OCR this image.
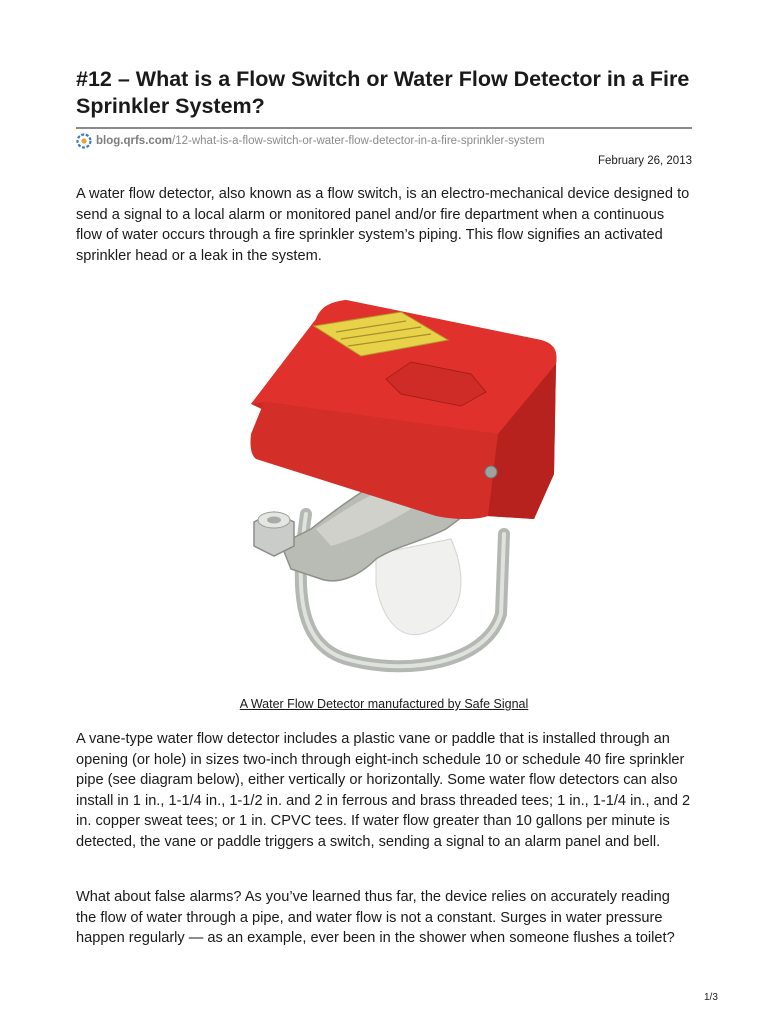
#12 – What is a Flow Switch or Water Flow Detector in a Fire Sprinkler System?
blog.qrfs.com /12-what-is-a-flow-switch-or-water-flow-detector-in-a-fire-sprinkler-system
February 26, 2013

A water flow detector, also known as a flow switch, is an electro-mechanical device designed to send a signal to a local alarm or monitored panel and/or fire department when a continuous flow of water occurs through a fire sprinkler system’s piping. This flow signifies an activated sprinkler head or a leak in the system.

A Water Flow Detector manufactured by Safe Signal

A vane-type water flow detector includes a plastic vane or paddle that is installed through an opening (or hole) in sizes two-inch through eight-inch schedule 10 or schedule 40 fire sprinkler pipe (see diagram below), either vertically or horizontally. Some water flow detectors can also install in 1 in., 1-1/4 in., 1-1/2 in. and 2 in ferrous and brass threaded tees; 1 in., 1-1/4 in., and 2 in. copper sweat tees; or 1 in. CPVC tees. If water flow greater than 10 gallons per minute is detected, the vane or paddle triggers a switch, sending a signal to an alarm panel and bell.

What about false alarms? As you’ve learned thus far, the device relies on accurately reading the flow of water through a pipe, and water flow is not a constant. Surges in water pressure happen regularly — as an example, ever been in the shower when someone flushes a toilet?

1/3
